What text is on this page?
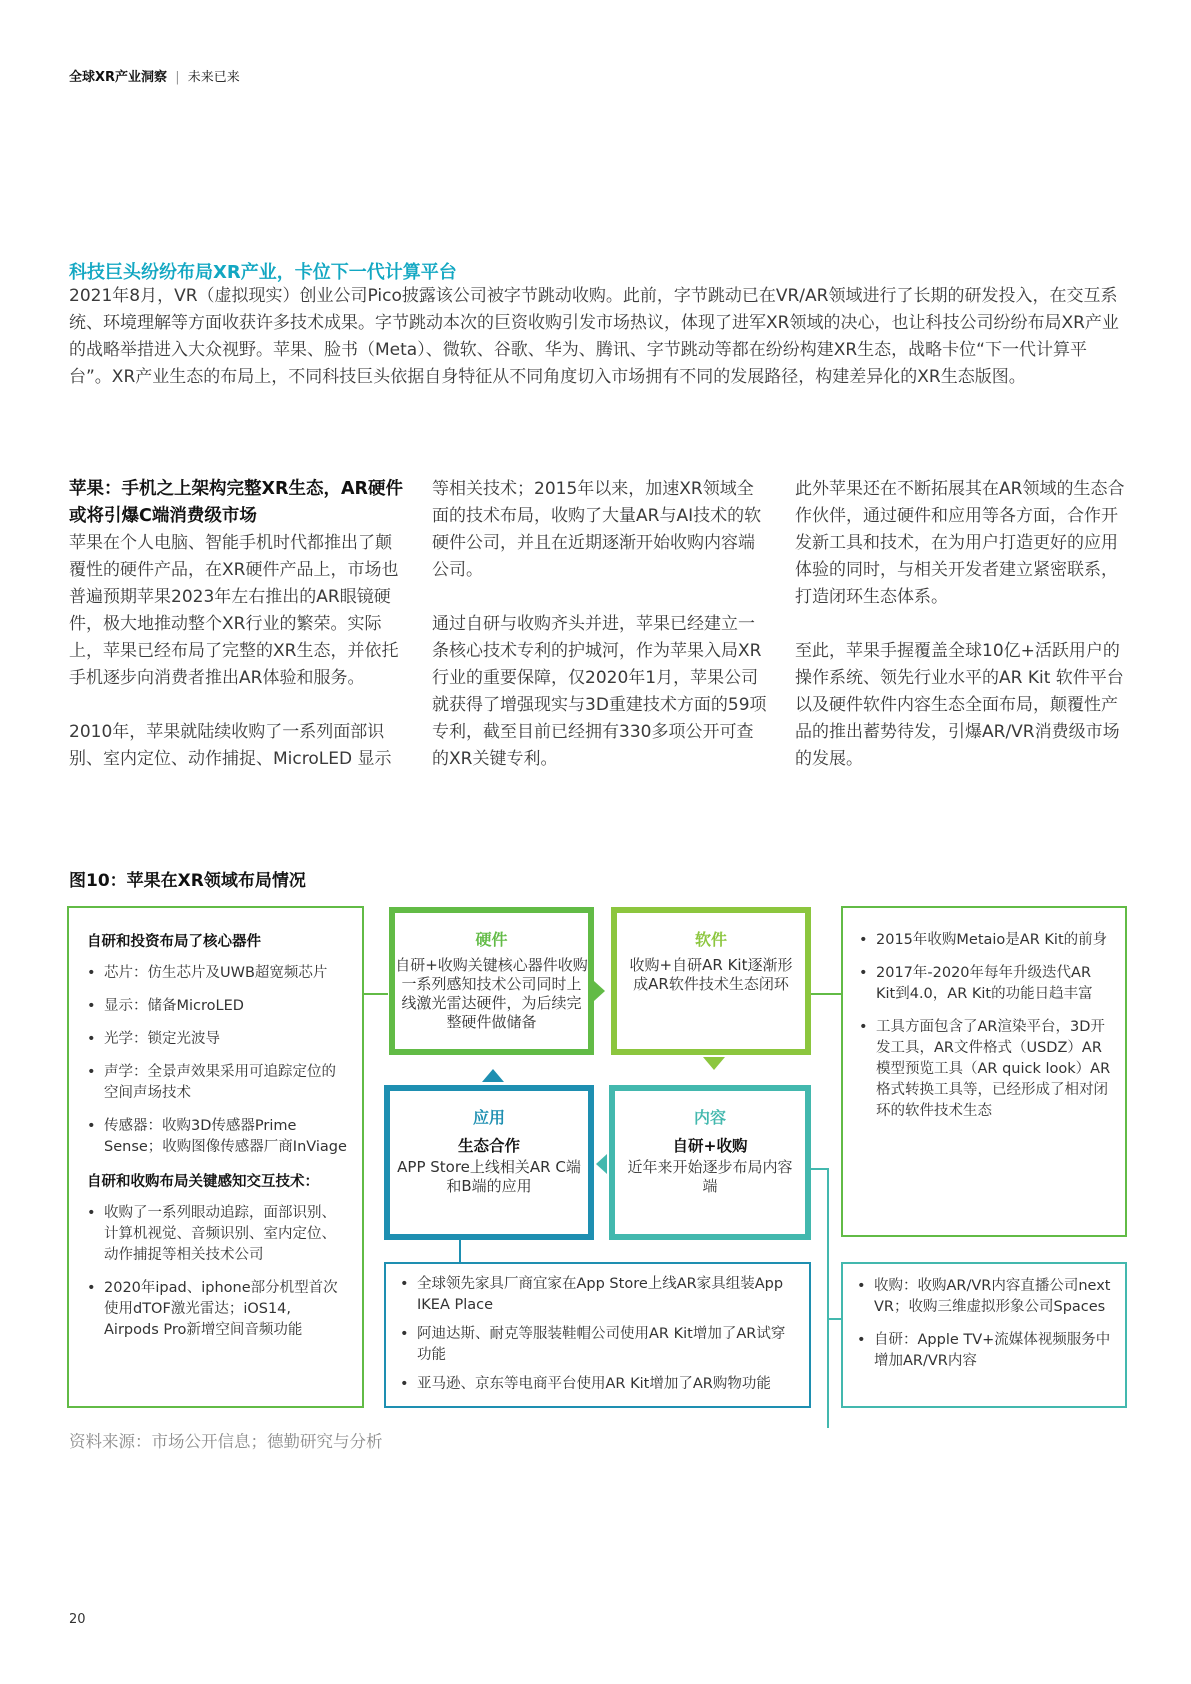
全球XR产业洞察 | 未来已来
科技巨头纷纷布局XR产业，卡位下一代计算平台

2021年8月，VR（虚拟现实）创业公司Pico披露该公司被字节跳动收购。此前，字节跳动已在VR/AR领域进行了长期的研发投入，在交互系统、环境理解等方面收获许多技术成果。字节跳动本次的巨资收购引发市场热议，体现了进军XR领域的决心，也让科技公司纷纷布局XR产业的战略举措进入大众视野。苹果、脸书（Meta）、微软、谷歌、华为、腾讯、字节跳动等都在纷纷构建XR生态，战略卡位“下一代计算平台”。XR产业生态的布局上，不同科技巨头依据自身特征从不同角度切入市场拥有不同的发展路径，构建差异化的XR生态版图。

苹果：手机之上架构完整XR生态，AR硬件或将引爆C端消费级市场

苹果在个人电脑、智能手机时代都推出了颠覆性的硬件产品，在XR硬件产品上，市场也普遍预期苹果2023年左右推出的AR眼镜硬件，极大地推动整个XR行业的繁荣。实际上，苹果已经布局了完整的XR生态，并依托手机逐步向消费者推出AR体验和服务。

2010年，苹果就陆续收购了一系列面部识别、室内定位、动作捕捉、MicroLED 显示

等相关技术；2015年以来，加速XR领域全面的技术布局，收购了大量AR与AI技术的软硬件公司，并且在近期逐渐开始收购内容端公司。

通过自研与收购齐头并进，苹果已经建立一条核心技术专利的护城河，作为苹果入局XR行业的重要保障，仅2020年1月，苹果公司就获得了增强现实与3D重建技术方面的59项专利，截至目前已经拥有330多项公开可查的XR关键专利。

此外苹果还在不断拓展其在AR领域的生态合作伙伴，通过硬件和应用等各方面，合作开发新工具和技术，在为用户打造更好的应用体验的同时，与相关开发者建立紧密联系，打造闭环生态体系。

至此，苹果手握覆盖全球10亿+活跃用户的操作系统、领先行业水平的AR Kit 软件平台以及硬件软件内容生态全面布局，颠覆性产品的推出蓄势待发，引爆AR/VR消费级市场的发展。

图10：苹果在XR领域布局情况
自研和投资布局了核心器件
• 芯片：仿生芯片及UWB超宽频芯片
• 显示：储备MicroLED
• 光学：锁定光波导
• 声学：全景声效果采用可追踪定位的空间声场技术
• 传感器：收购3D传感器Prime Sense；收购图像传感器厂商InViage
自研和收购布局关键感知交互技术：
• 收购了一系列眼动追踪，面部识别、计算机视觉、音频识别、室内定位、动作捕捉等相关技术公司
• 2020年ipad、iphone部分机型首次使用dTOF激光雷达；iOS14, Airpods Pro新增空间音频功能
硬件
自研+收购关键核心器件收购一系列感知技术公司同时上线激光雷达硬件，为后续完整硬件做储备
软件
收购+自研AR Kit逐渐形成AR软件技术生态闭环
应用
生态合作
APP Store上线相关AR C端和B端的应用
内容
自研+收购
近年来开始逐步布局内容端
• 2015年收购Metaio是AR Kit的前身
• 2017年-2020年每年升级迭代AR Kit到4.0，AR Kit的功能日趋丰富
• 工具方面包含了AR渲染平台，3D开发工具，AR文件格式（USDZ）AR模型预览工具（AR quick look）AR格式转换工具等，已经形成了相对闭环的软件技术生态
• 全球领先家具厂商宜家在App Store上线AR家具组装App IKEA Place
• 阿迪达斯、耐克等服装鞋帽公司使用AR Kit增加了AR试穿功能
• 亚马逊、京东等电商平台使用AR Kit增加了AR购物功能
• 收购：收购AR/VR内容直播公司next VR；收购三维虚拟形象公司Spaces
• 自研：Apple TV+流媒体视频服务中增加AR/VR内容
资料来源：市场公开信息；德勤研究与分析
20
